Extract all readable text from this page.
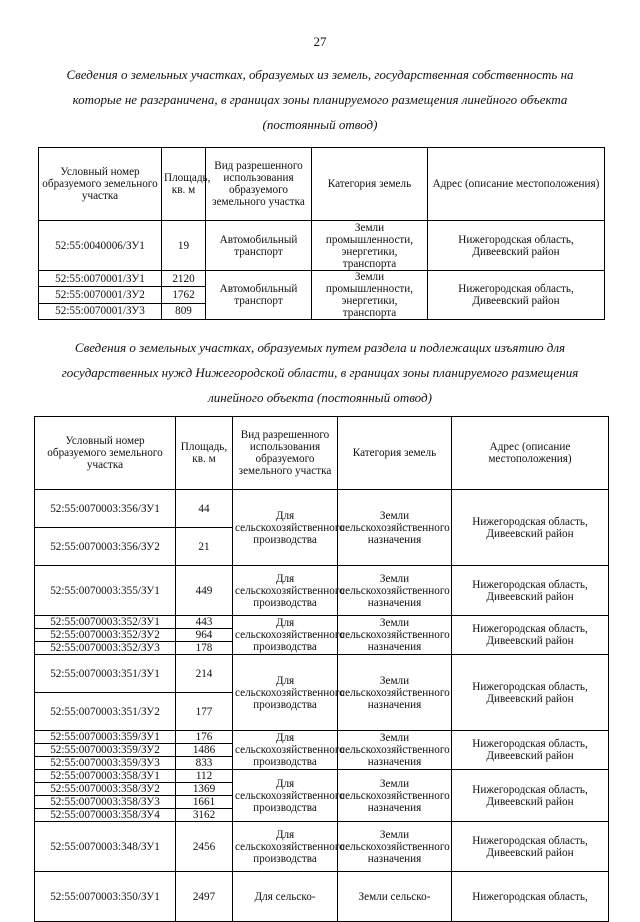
27
Сведения о земельных участках, образуемых из земель, государственная собственность на которые не разграничена, в границах зоны планируемого размещения линейного объекта (постоянный отвод)
Условный номер образуемого земельного участка	Площадь, кв. м	Вид разрешенного использования образуемого земельного участка	Категория земель	Адрес (описание местоположения)
52:55:0040006/ЗУ1	19	Автомобильный транспорт	Земли промышленности, энергетики, транспорта	Нижегородская область, Дивеевский район
52:55:0070001/ЗУ1	2120	Автомобильный транспорт	Земли промышленности, энергетики, транспорта	Нижегородская область, Дивеевский район
52:55:0070001/ЗУ2	1762			
52:55:0070001/ЗУ3	809			
Сведения о земельных участках, образуемых путем раздела и подлежащих изъятию для государственных нужд Нижегородской области, в границах зоны планируемого размещения линейного объекта (постоянный отвод)
Условный номер образуемого земельного участка	Площадь, кв. м	Вид разрешенного использования образуемого земельного участка	Категория земель	Адрес (описание местоположения)
52:55:0070003:356/ЗУ1	44	Для сельскохозяйственного производства	Земли сельскохозяйственного назначения	Нижегородская область, Дивеевский район
52:55:0070003:356/ЗУ2	21			
52:55:0070003:355/ЗУ1	449	Для сельскохозяйственного производства	Земли сельскохозяйственного назначения	Нижегородская область, Дивеевский район
52:55:0070003:352/ЗУ1	443	Для сельскохозяйственного производства	Земли сельскохозяйственного назначения	Нижегородская область, Дивеевский район
52:55:0070003:352/ЗУ2	964			
52:55:0070003:352/ЗУ3	178			
52:55:0070003:351/ЗУ1	214	Для сельскохозяйственного производства	Земли сельскохозяйственного назначения	Нижегородская область, Дивеевский район
52:55:0070003:351/ЗУ2	177			
52:55:0070003:359/ЗУ1	176	Для сельскохозяйственного производства	Земли сельскохозяйственного назначения	Нижегородская область, Дивеевский район
52:55:0070003:359/ЗУ2	1486			
52:55:0070003:359/ЗУ3	833			
52:55:0070003:358/ЗУ1	112	Для сельскохозяйственного производства	Земли сельскохозяйственного назначения	Нижегородская область, Дивеевский район
52:55:0070003:358/ЗУ2	1369			
52:55:0070003:358/ЗУ3	1661			
52:55:0070003:358/ЗУ4	3162			
52:55:0070003:348/ЗУ1	2456	Для сельскохозяйственного производства	Земли сельскохозяйственного назначения	Нижегородская область, Дивеевский район
52:55:0070003:350/ЗУ1	2497	Для сельско-	Земли сельско-	Нижегородская область,
